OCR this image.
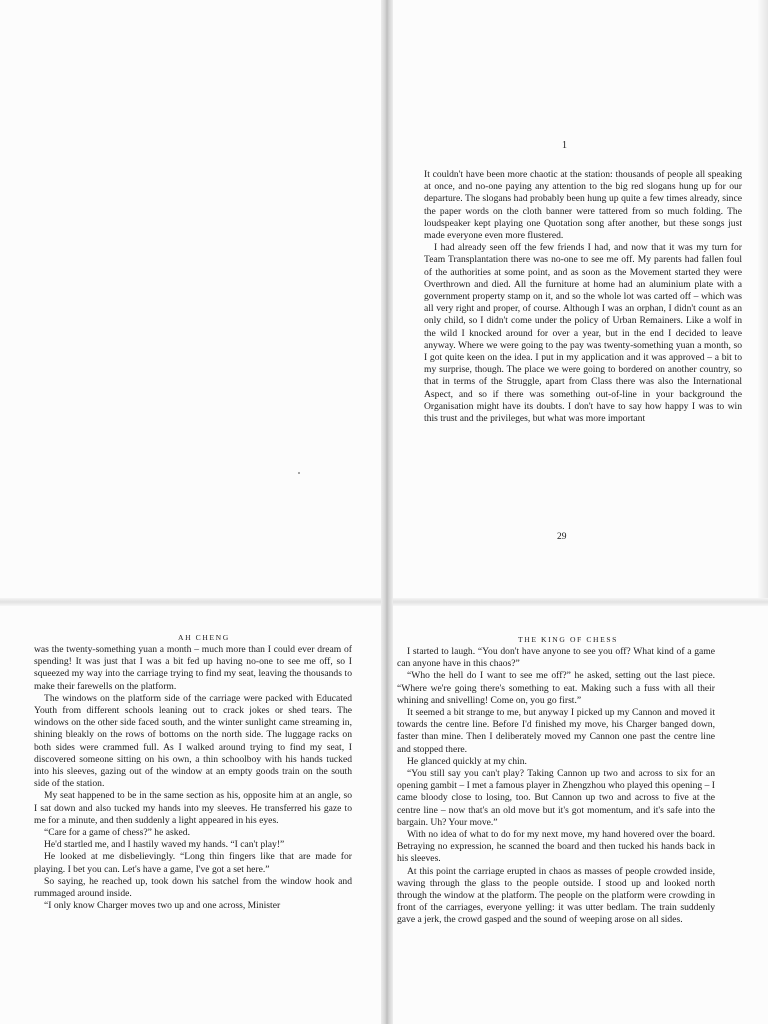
1

It couldn't have been more chaotic at the station: thousands of people all speaking at once, and no-one paying any attention to the big red slogans hung up for our departure. The slogans had probably been hung up quite a few times already, since the paper words on the cloth banner were tattered from so much folding. The loudspeaker kept playing one Quotation song after another, but these songs just made everyone even more flustered.

I had already seen off the few friends I had, and now that it was my turn for Team Transplantation there was no-one to see me off. My parents had fallen foul of the authorities at some point, and as soon as the Movement started they were Overthrown and died. All the furniture at home had an aluminium plate with a government property stamp on it, and so the whole lot was carted off – which was all very right and proper, of course. Although I was an orphan, I didn't count as an only child, so I didn't come under the policy of Urban Remainers. Like a wolf in the wild I knocked around for over a year, but in the end I decided to leave anyway. Where we were going to the pay was twenty-something yuan a month, so I got quite keen on the idea. I put in my application and it was approved – a bit to my surprise, though. The place we were going to bordered on another country, so that in terms of the Struggle, apart from Class there was also the International Aspect, and so if there was something out-of-line in your background the Organisation might have its doubts. I don't have to say how happy I was to win this trust and the privileges, but what was more important

29
AH CHENG

was the twenty-something yuan a month – much more than I could ever dream of spending! It was just that I was a bit fed up having no-one to see me off, so I squeezed my way into the carriage trying to find my seat, leaving the thousands to make their farewells on the platform.

The windows on the platform side of the carriage were packed with Educated Youth from different schools leaning out to crack jokes or shed tears. The windows on the other side faced south, and the winter sunlight came streaming in, shining bleakly on the rows of bottoms on the north side. The luggage racks on both sides were crammed full. As I walked around trying to find my seat, I discovered someone sitting on his own, a thin schoolboy with his hands tucked into his sleeves, gazing out of the window at an empty goods train on the south side of the station.

My seat happened to be in the same section as his, opposite him at an angle, so I sat down and also tucked my hands into my sleeves. He transferred his gaze to me for a minute, and then suddenly a light appeared in his eyes.

“Care for a game of chess?” he asked.

He'd startled me, and I hastily waved my hands. “I can't play!”

He looked at me disbelievingly. “Long thin fingers like that are made for playing. I bet you can. Let's have a game, I've got a set here.”

So saying, he reached up, took down his satchel from the window hook and rummaged around inside.

“I only know Charger moves two up and one across, Minister

THE KING OF CHESS

I started to laugh. “You don't have anyone to see you off? What kind of a game can anyone have in this chaos?”

“Who the hell do I want to see me off?” he asked, setting out the last piece. “Where we're going there's something to eat. Making such a fuss with all their whining and snivelling! Come on, you go first.”

It seemed a bit strange to me, but anyway I picked up my Cannon and moved it towards the centre line. Before I'd finished my move, his Charger banged down, faster than mine. Then I deliberately moved my Cannon one past the centre line and stopped there.

He glanced quickly at my chin.

“You still say you can't play? Taking Cannon up two and across to six for an opening gambit – I met a famous player in Zhengzhou who played this opening – I came bloody close to losing, too. But Cannon up two and across to five at the centre line – now that's an old move but it's got momentum, and it's safe into the bargain. Uh? Your move.”

With no idea of what to do for my next move, my hand hovered over the board. Betraying no expression, he scanned the board and then tucked his hands back in his sleeves.

At this point the carriage erupted in chaos as masses of people crowded inside, waving through the glass to the people outside. I stood up and looked north through the window at the platform. The people on the platform were crowding in front of the carriages, everyone yelling: it was utter bedlam. The train suddenly gave a jerk, the crowd gasped and the sound of weeping arose on all sides.
